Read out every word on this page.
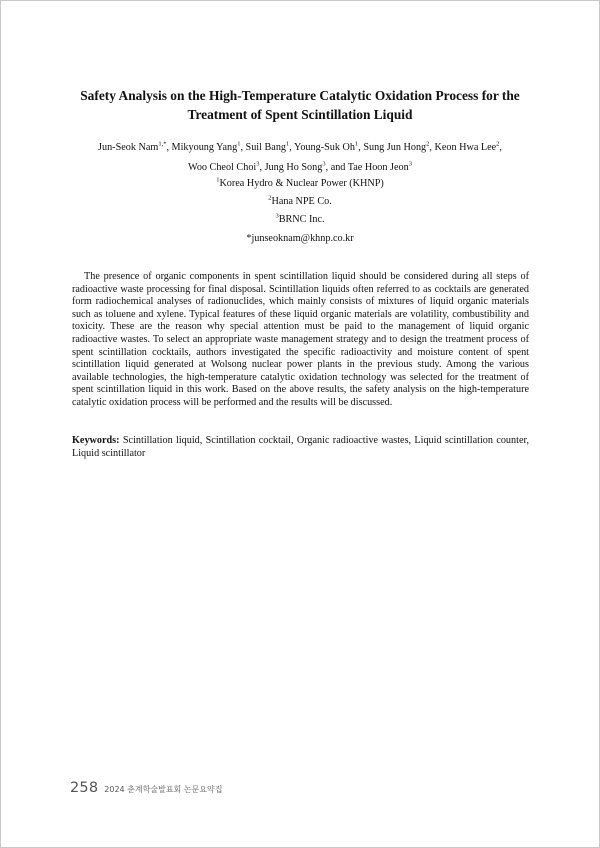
Safety Analysis on the High-Temperature Catalytic Oxidation Process for the Treatment of Spent Scintillation Liquid
Jun-Seok Nam$^{1,*}$, Mikyoung Yang$^1$, Suil Bang$^1$, Young-Suk Oh$^1$, Sung Jun Hong$^2$, Keon Hwa Lee$^2$,
Woo Cheol Choi$^3$, Jung Ho Song$^3$, and Tae Hoon Jeon$^3$
$^1$Korea Hydro & Nuclear Power (KHNP)
$^2$Hana NPE Co.
$^3$BRNC Inc.
*junseoknam@khnp.co.kr

The presence of organic components in spent scintillation liquid should be considered during all steps of radioactive waste processing for final disposal. Scintillation liquids often referred to as cocktails are generated form radiochemical analyses of radionuclides, which mainly consists of mixtures of liquid organic materials such as toluene and xylene. Typical features of these liquid organic materials are volatility, combustibility and toxicity. These are the reason why special attention must be paid to the management of liquid organic radioactive wastes. To select an appropriate waste management strategy and to design the treatment process of spent scintillation cocktails, authors investigated the specific radioactivity and moisture content of spent scintillation liquid generated at Wolsong nuclear power plants in the previous study. Among the various available technologies, the high-temperature catalytic oxidation technology was selected for the treatment of spent scintillation liquid in this work. Based on the above results, the safety analysis on the high-temperature catalytic oxidation process will be performed and the results will be discussed.

Keywords: Scintillation liquid, Scintillation cocktail, Organic radioactive wastes, Liquid scintillation counter, Liquid scintillator

258 2024 춘계학술발표회 논문요약집
